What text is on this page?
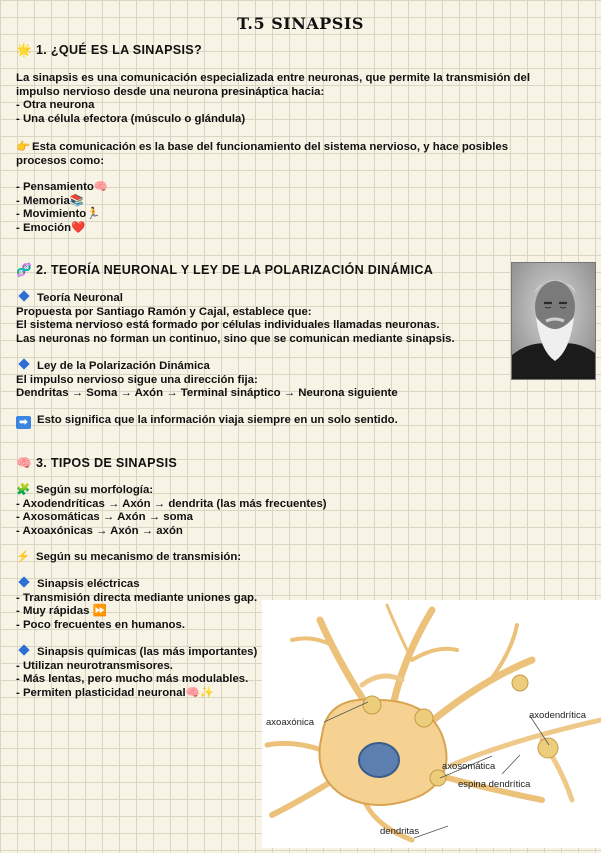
T.5 SINAPSIS
🌟 1. ¿QUÉ ES LA SINAPSIS?

La sinapsis es una comunicación especializada entre neuronas, que permite la transmisión del

impulso nervioso desde una neurona presináptica hacia:

- Otra neurona

- Una célula efectora (músculo o glándula)

👉 Esta comunicación es la base del funcionamiento del sistema nervioso, y hace posibles

procesos como:

- Pensamiento🧠

- Memoria📚

- Movimiento🏃

- Emoción❤️

🧬 2. TEORÍA NEURONAL Y LEY DE LA POLARIZACIÓN DINÁMICA

Teoría Neuronal

Propuesta por Santiago Ramón y Cajal, establece que:

El sistema nervioso está formado por células individuales llamadas neuronas.

Las neuronas no forman un continuo, sino que se comunican mediante sinapsis.

Ley de la Polarización Dinámica

El impulso nervioso sigue una dirección fija:

Dendritas → Soma → Axón → Terminal sináptico → Neurona siguiente

➡ Esto significa que la información viaja siempre en un solo sentido.
🧠 3. TIPOS DE SINAPSIS

🧩 Según su morfología:

- Axodendríticas → Axón → dendrita (las más frecuentes)

- Axosomáticas → Axón → soma

- Axoaxónicas → Axón → axón

⚡ Según su mecanismo de transmisión:

Sinapsis eléctricas

- Transmisión directa mediante uniones gap.

- Muy rápidas ⏩

- Poco frecuentes en humanos.

Sinapsis químicas (las más importantes)

- Utilizan neurotransmisores.

- Más lentas, pero mucho más modulables.

- Permiten plasticidad neuronal🧠✨

axoaxónica
axodendrítica
axosomática
espina dendrítica
dendritas
